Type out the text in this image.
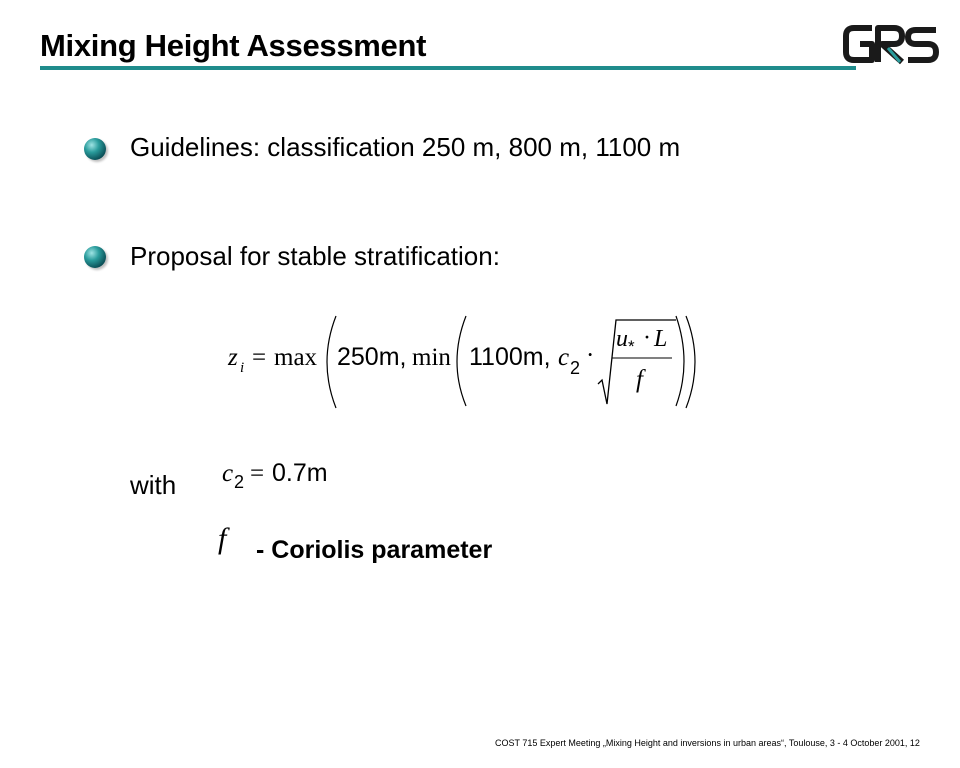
Mixing Height Assessment
Guidelines: classification 250 m, 800 m, 1100 m
Proposal for stable stratification:
z i = max 250m, min 1100m, c 2 ·
u * · L
f
with c 2 = 0.7m
f - Coriolis parameter
COST 715 Expert Meeting „Mixing Height and inversions in urban areas“, Toulouse, 3 - 4 October 2001, 12
